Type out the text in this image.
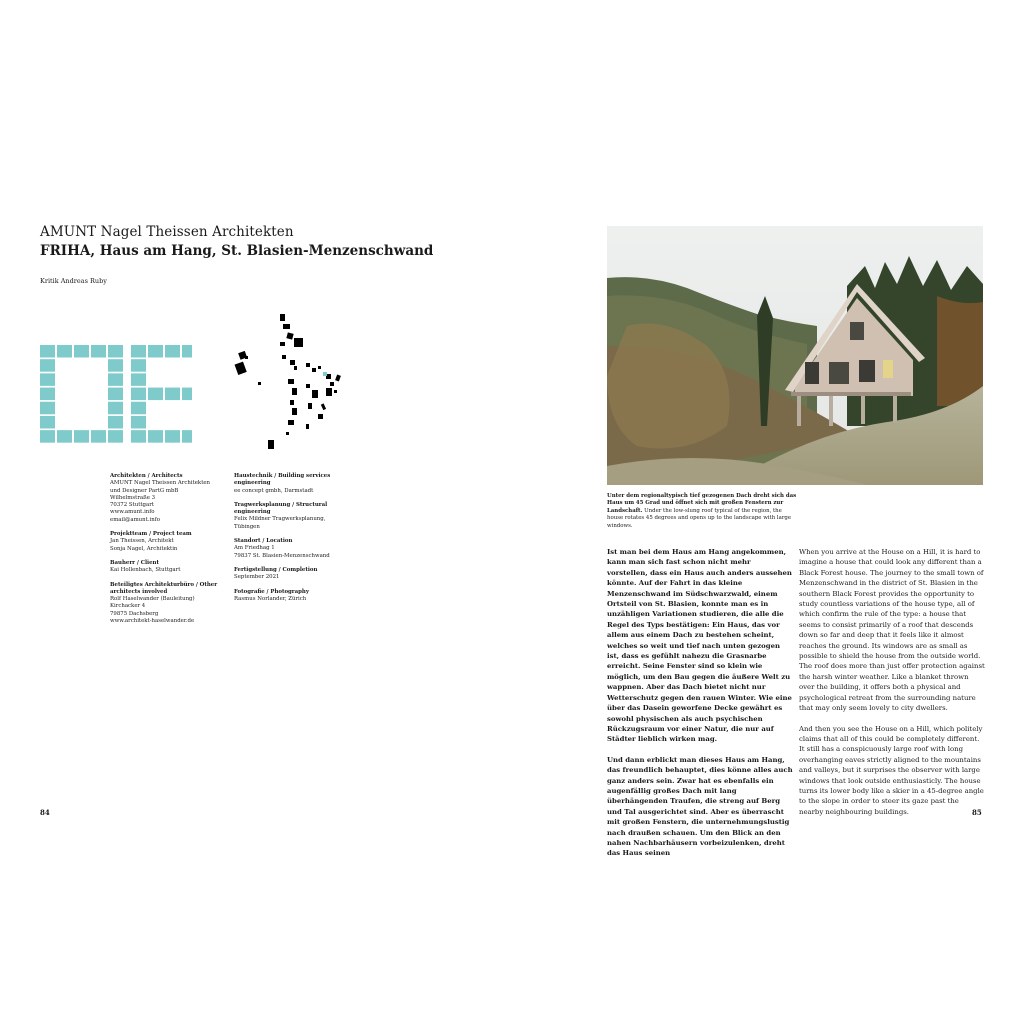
AMUNT Nagel Theissen Architekten
FRIHA, Haus am Hang, St. Blasien-Menzenschwand
Kritik Andreas Ruby
Architekten / Architects
AMUNT Nagel Theissen Architekten
und Designer PartG mbB
Wilhelmstraße 3
70372 Stuttgart
www.amunt.info
email@amunt.info
Projektteam / Project team
Jan Theissen, Architekt
Sonja Nagel, Architektin
Bauherr / Client
Kai Hollenbach, Stuttgart
Beteiligtes Architekturbüro / Other architects involved
Rolf Haselwander (Bauleitung)
Kirchacker 4
79875 Dachsberg
www.architekt-haselwander.de
Haustechnik / Building services engineering
ee concept gmbh, Darmstadt
Tragwerksplanung / Structural engineering
Felix Mildner Tragwerksplanung,
Tübingen
Standort / Location
Am Friedhag 1
79837 St. Blasien-Menzenschwand
Fertigstellung / Completion
September 2021
Fotografie / Photography
Rasmus Norlander, Zürich
Unter dem regionaltypisch tief gezogenen Dach dreht sich das Haus um 45 Grad und öffnet sich mit großen Fenstern zur Landschaft. Under the low-slung roof typical of the region, the house rotates 45 degrees and opens up to the landscape with large windows.

Ist man bei dem Haus am Hang angekommen, kann man sich fast schon nicht mehr vorstellen, dass ein Haus auch anders aussehen könnte. Auf der Fahrt in das kleine Menzenschwand im Südschwarzwald, einem Ortsteil von St. Blasien, konnte man es in unzähligen Variationen studieren, die alle die Regel des Typs bestätigen: Ein Haus, das vor allem aus einem Dach zu bestehen scheint, welches so weit und tief nach unten gezogen ist, dass es gefühlt nahezu die Grasnarbe erreicht. Seine Fenster sind so klein wie möglich, um den Bau gegen die äußere Welt zu wappnen. Aber das Dach bietet nicht nur Wetterschutz gegen den rauen Winter. Wie eine über das Dasein geworfene Decke gewährt es sowohl physischen als auch psychischen Rückzugsraum vor einer Natur, die nur auf Städter lieblich wirken mag.

Und dann erblickt man dieses Haus am Hang, das freundlich behauptet, dies könne alles auch ganz anders sein. Zwar hat es ebenfalls ein augenfällig großes Dach mit lang überhängenden Traufen, die streng auf Berg und Tal ausgerichtet sind. Aber es überrascht mit großen Fenstern, die unternehmungslustig nach draußen schauen. Um den Blick an den nahen Nachbarhäusern vorbeizulenken, dreht das Haus seinen

When you arrive at the House on a Hill, it is hard to imagine a house that could look any different than a Black Forest house. The journey to the small town of Menzenschwand in the district of St. Blasien in the southern Black Forest provides the opportunity to study countless variations of the house type, all of which confirm the rule of the type: a house that seems to consist primarily of a roof that descends down so far and deep that it feels like it almost reaches the ground. Its windows are as small as possible to shield the house from the outside world. The roof does more than just offer protection against the harsh winter weather. Like a blanket thrown over the building, it offers both a physical and psychological retreat from the surrounding nature that may only seem lovely to city dwellers.

And then you see the House on a Hill, which politely claims that all of this could be completely different. It still has a conspicuously large roof with long overhanging eaves strictly aligned to the mountains and valleys, but it surprises the observer with large windows that look outside enthusiasticly. The house turns its lower body like a skier in a 45-degree angle to the slope in order to steer its gaze past the nearby neighbouring buildings.

84	85
